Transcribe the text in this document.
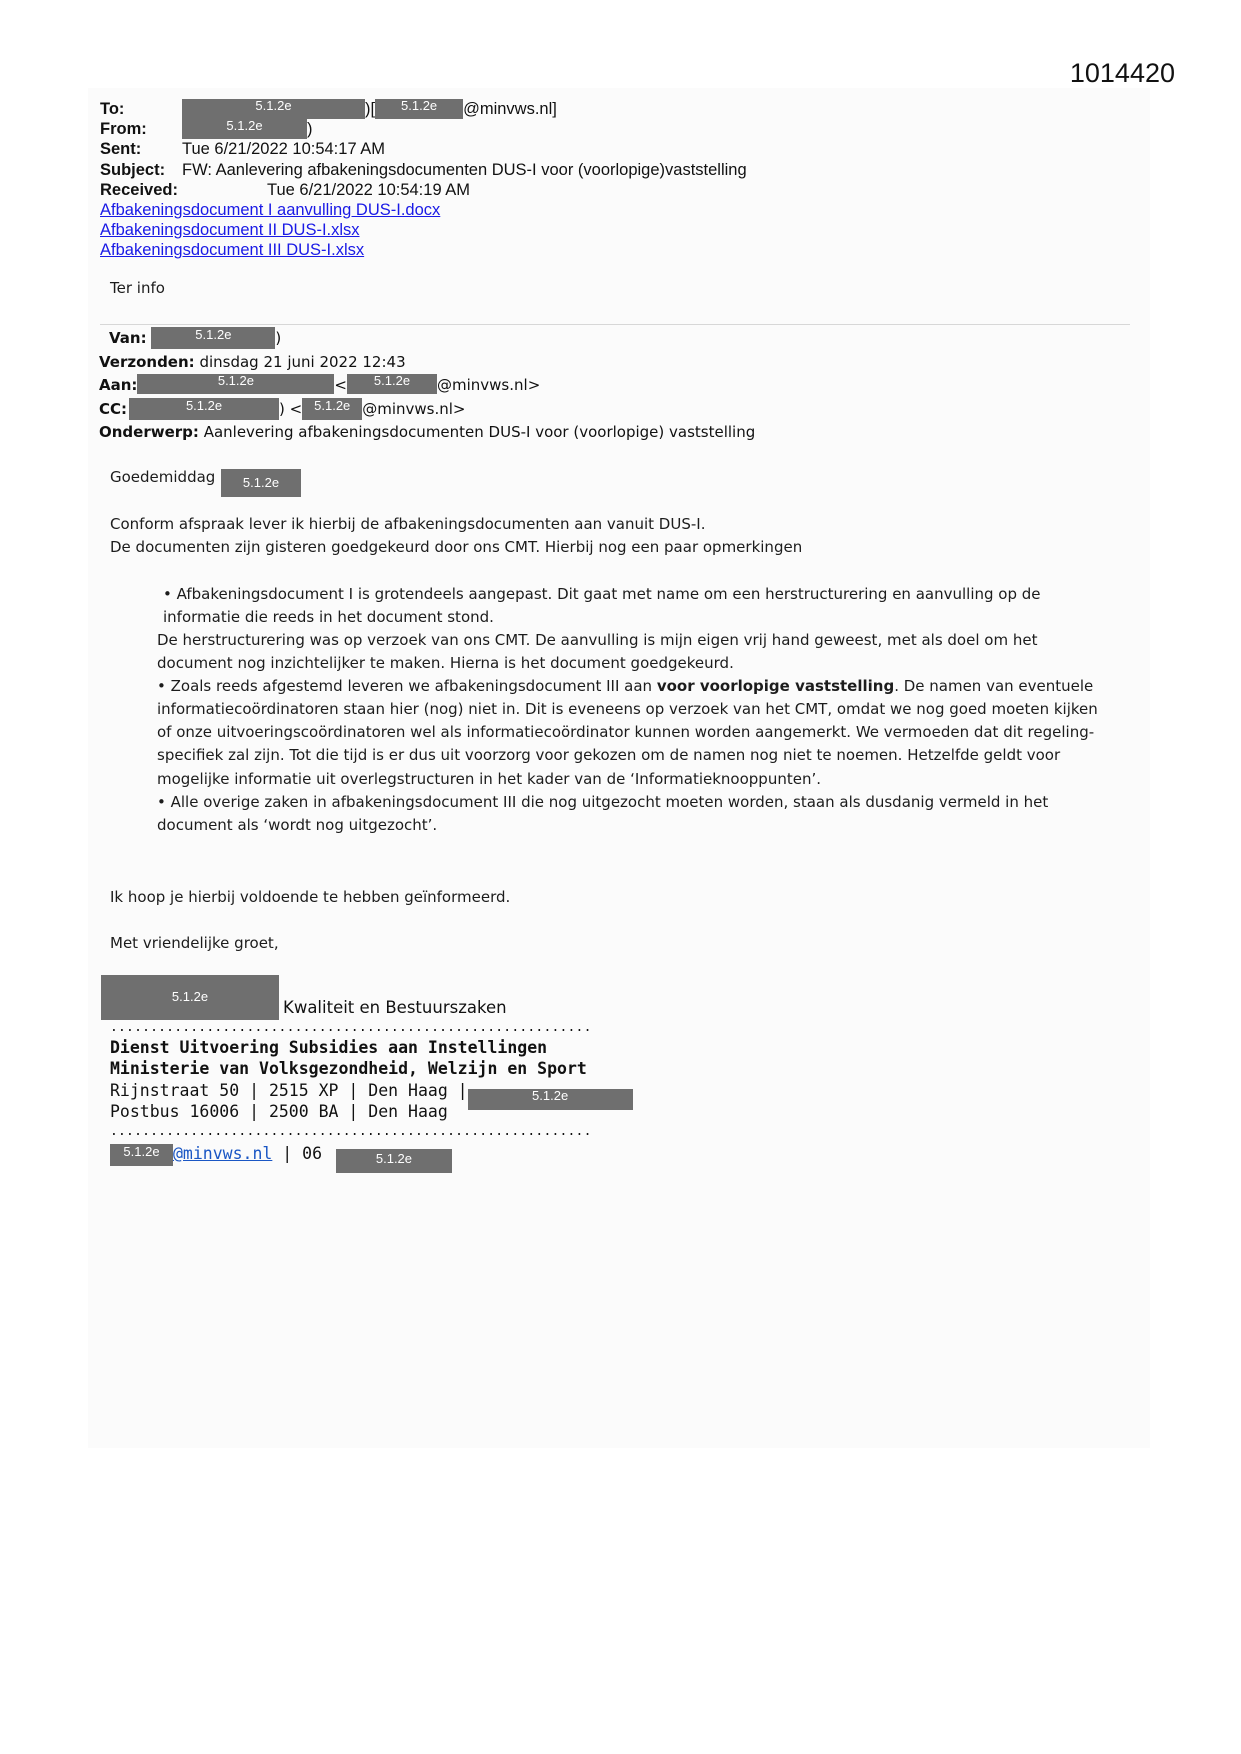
1014420
To:	5.1.2e	)[ 5.1.2e @minvws.nl]
From:	5.1.2e	)
Sent: Tue 6/21/2022 10:54:17 AM
Subject: FW: Aanlevering afbakeningsdocumenten DUS-I voor (voorlopige)vaststelling
Received:	Tue 6/21/2022 10:54:19 AM
Afbakeningsdocument I aanvulling DUS-I.docx
Afbakeningsdocument II DUS-I.xlsx
Afbakeningsdocument III DUS-I.xlsx
Ter info
Van:	5.1.2e	)
Verzonden: dinsdag 21 juni 2022 12:43
Aan:	5.1.2e	< 5.1.2e @minvws.nl>
CC:	5.1.2e	) < 5.1.2e @minvws.nl>
Onderwerp: Aanlevering afbakeningsdocumenten DUS-I voor (voorlopige) vaststelling
Goedemiddag	5.1.2e
Conform afspraak lever ik hierbij de afbakeningsdocumenten aan vanuit DUS-I.
De documenten zijn gisteren goedgekeurd door ons CMT. Hierbij nog een paar opmerkingen
• Afbakeningsdocument I is grotendeels aangepast. Dit gaat met name om een herstructurering en aanvulling op de
informatie die reeds in het document stond.
De herstructurering was op verzoek van ons CMT. De aanvulling is mijn eigen vrij hand geweest, met als doel om het
document nog inzichtelijker te maken. Hierna is het document goedgekeurd.
• Zoals reeds afgestemd leveren we afbakeningsdocument III aan voor voorlopige vaststelling. De namen van eventuele
informatiecoördinatoren staan hier (nog) niet in. Dit is eveneens op verzoek van het CMT, omdat we nog goed moeten kijken
of onze uitvoeringscoördinatoren wel als informatiecoördinator kunnen worden aangemerkt. We vermoeden dat dit regeling-
specifiek zal zijn. Tot die tijd is er dus uit voorzorg voor gekozen om de namen nog niet te noemen. Hetzelfde geldt voor
mogelijke informatie uit overlegstructuren in het kader van de ‘Informatieknooppunten’.
• Alle overige zaken in afbakeningsdocument III die nog uitgezocht moeten worden, staan als dusdanig vermeld in het
document als ‘wordt nog uitgezocht’.
Ik hoop je hierbij voldoende te hebben geïnformeerd.
Met vriendelijke groet,
5.1.2e
Kwaliteit en Bestuurszaken
............................................................
Dienst Uitvoering Subsidies aan Instellingen
Ministerie van Volksgezondheid, Welzijn en Sport
Rijnstraat 50 | 2515 XP | Den Haag |	5.1.2e
Postbus 16006 | 2500 BA | Den Haag
............................................................
5.1.2e @minvws.nl | 06	5.1.2e
